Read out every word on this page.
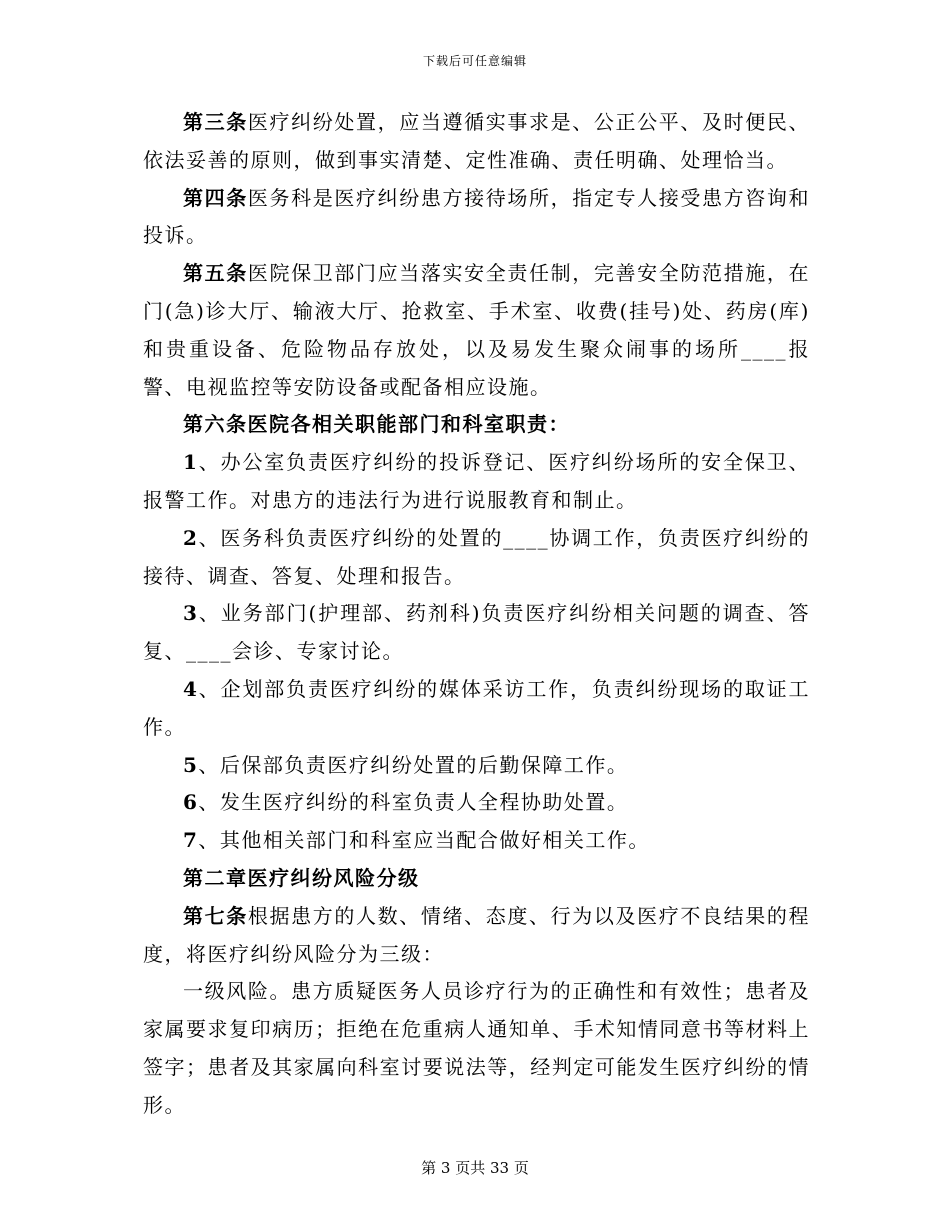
下载后可任意编辑

第三条医疗纠纷处置，应当遵循实事求是、公正公平、及时便民、依法妥善的原则，做到事实清楚、定性准确、责任明确、处理恰当。

第四条医务科是医疗纠纷患方接待场所，指定专人接受患方咨询和投诉。

第五条医院保卫部门应当落实安全责任制，完善安全防范措施，在门(急)诊大厅、输液大厅、抢救室、手术室、收费(挂号)处、药房(库)和贵重设备、危险物品存放处，以及易发生聚众闹事的场所____报警、电视监控等安防设备或配备相应设施。

第六条医院各相关职能部门和科室职责：

1、办公室负责医疗纠纷的投诉登记、医疗纠纷场所的安全保卫、报警工作。对患方的违法行为进行说服教育和制止。

2、医务科负责医疗纠纷的处置的____协调工作，负责医疗纠纷的接待、调查、答复、处理和报告。

3、业务部门(护理部、药剂科)负责医疗纠纷相关问题的调查、答复、____会诊、专家讨论。

4、企划部负责医疗纠纷的媒体采访工作，负责纠纷现场的取证工作。

5、后保部负责医疗纠纷处置的后勤保障工作。

6、发生医疗纠纷的科室负责人全程协助处置。

7、其他相关部门和科室应当配合做好相关工作。

第二章医疗纠纷风险分级

第七条根据患方的人数、情绪、态度、行为以及医疗不良结果的程度，将医疗纠纷风险分为三级：

一级风险。患方质疑医务人员诊疗行为的正确性和有效性；患者及家属要求复印病历；拒绝在危重病人通知单、手术知情同意书等材料上签字；患者及其家属向科室讨要说法等，经判定可能发生医疗纠纷的情形。

第 3 页共 33 页
